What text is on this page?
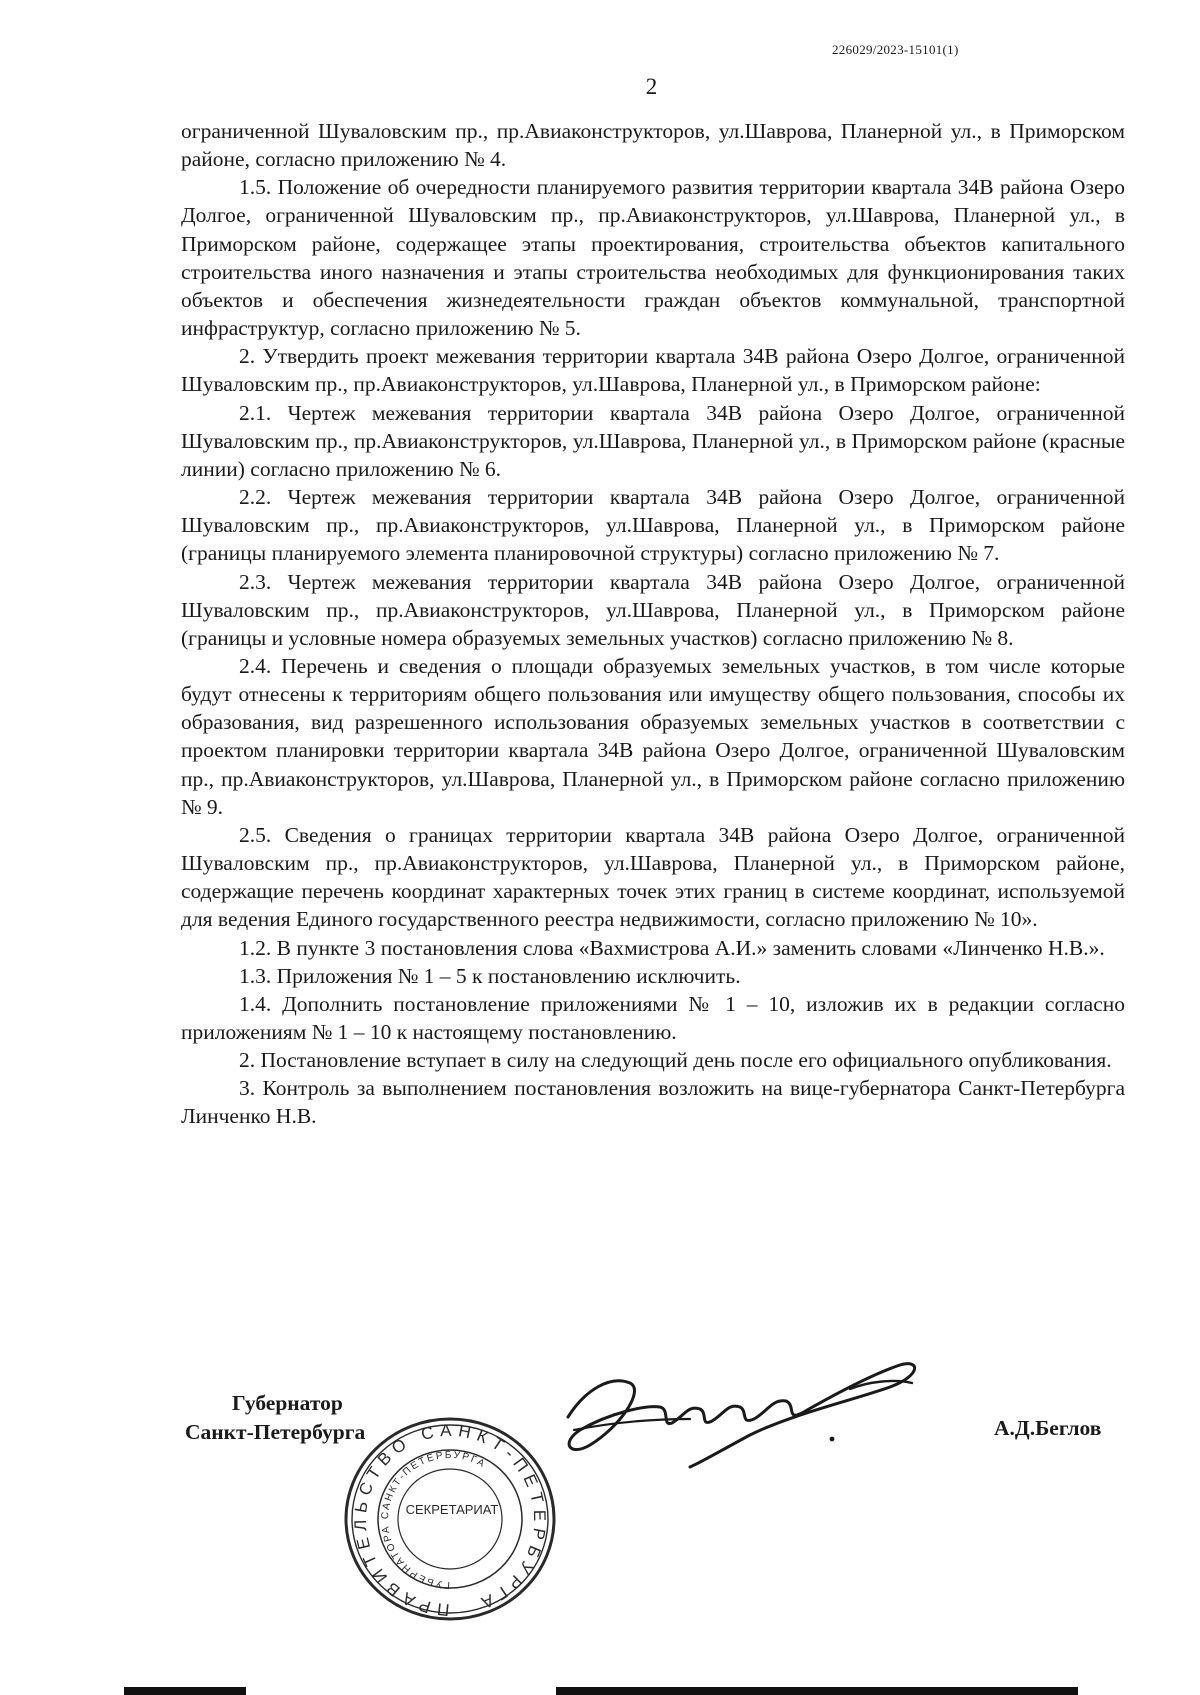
226029/2023-15101(1)
2

ограниченной Шуваловским пр., пр.Авиаконструкторов, ул.Шаврова, Планерной ул., в Приморском районе, согласно приложению № 4.

1.5. Положение об очередности планируемого развития территории квартала 34В района Озеро Долгое, ограниченной Шуваловским пр., пр.Авиаконструкторов, ул.Шаврова, Планерной ул., в Приморском районе, содержащее этапы проектирования, строительства объектов капитального строительства иного назначения и этапы строительства необходимых для функционирования таких объектов и обеспечения жизнедеятельности граждан объектов коммунальной, транспортной инфраструктур, согласно приложению № 5.

2. Утвердить проект межевания территории квартала 34В района Озеро Долгое, ограниченной Шуваловским пр., пр.Авиаконструкторов, ул.Шаврова, Планерной ул., в Приморском районе:

2.1. Чертеж межевания территории квартала 34В района Озеро Долгое, ограниченной Шуваловским пр., пр.Авиаконструкторов, ул.Шаврова, Планерной ул., в Приморском районе (красные линии) согласно приложению № 6.

2.2. Чертеж межевания территории квартала 34В района Озеро Долгое, ограниченной Шуваловским пр., пр.Авиаконструкторов, ул.Шаврова, Планерной ул., в Приморском районе (границы планируемого элемента планировочной структуры) согласно приложению № 7.

2.3. Чертеж межевания территории квартала 34В района Озеро Долгое, ограниченной Шуваловским пр., пр.Авиаконструкторов, ул.Шаврова, Планерной ул., в Приморском районе (границы и условные номера образуемых земельных участков) согласно приложению № 8.

2.4. Перечень и сведения о площади образуемых земельных участков, в том числе которые будут отнесены к территориям общего пользования или имуществу общего пользования, способы их образования, вид разрешенного использования образуемых земельных участков в соответствии с проектом планировки территории квартала 34В района Озеро Долгое, ограниченной Шуваловским пр., пр.Авиаконструкторов, ул.Шаврова, Планерной ул., в Приморском районе согласно приложению № 9.

2.5. Сведения о границах территории квартала 34В района Озеро Долгое, ограниченной Шуваловским пр., пр.Авиаконструкторов, ул.Шаврова, Планерной ул., в Приморском районе, содержащие перечень координат характерных точек этих границ в системе координат, используемой для ведения Единого государственного реестра недвижимости, согласно приложению № 10».

1.2. В пункте 3 постановления слова «Вахмистрова А.И.» заменить словами «Линченко Н.В.».

1.3. Приложения № 1 – 5 к постановлению исключить.

1.4. Дополнить постановление приложениями № 1 – 10, изложив их в редакции согласно приложениям № 1 – 10 к настоящему постановлению.

2. Постановление вступает в силу на следующий день после его официального опубликования.

3. Контроль за выполнением постановления возложить на вице-губернатора Санкт-Петербурга Линченко Н.В.

ПРАВИТЕЛЬСТВО САНКТ-ПЕТЕРБУРГА
ГУБЕРНАТОРА САНКТ-ПЕТЕРБУРГА
СЕКРЕТАРИАТ
Губернатор
Санкт-Петербурга	А.Д.Беглов
